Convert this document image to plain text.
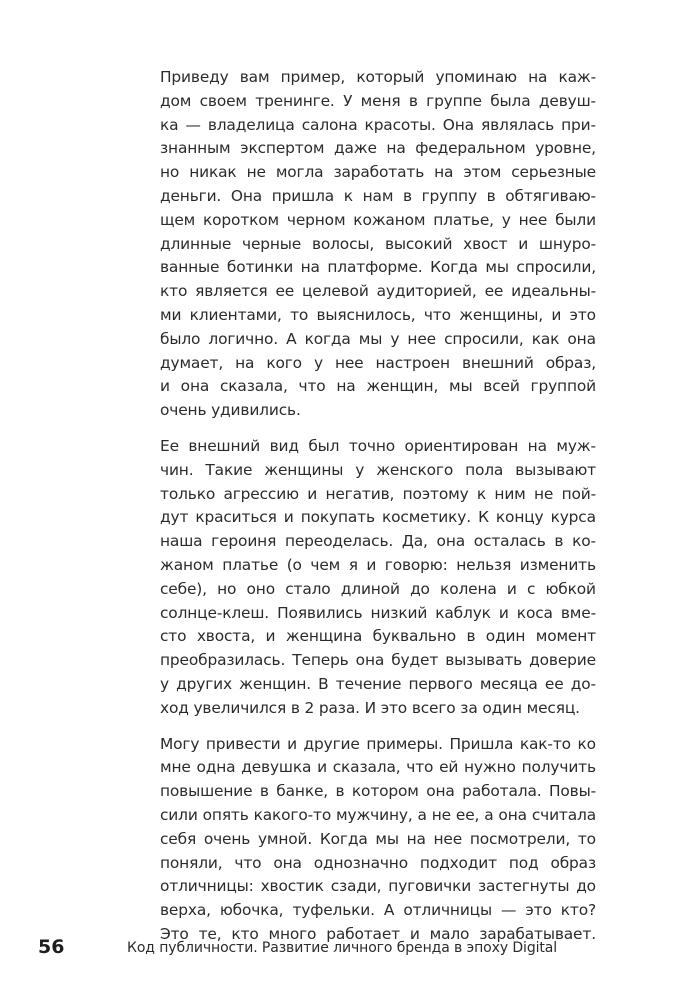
Приведу вам пример, который упоминаю на каж-
дом своем тренинге. У меня в группе была девуш-
ка — владелица салона красоты. Она являлась при-
знанным экспертом даже на федеральном уровне,
но никак не могла заработать на этом серьезные
деньги. Она пришла к нам в группу в обтягиваю-
щем коротком черном кожаном платье, у нее были
длинные черные волосы, высокий хвост и шнуро-
ванные ботинки на платформе. Когда мы спросили,
кто является ее целевой аудиторией, ее идеальны-
ми клиентами, то выяснилось, что женщины, и это
было логично. А когда мы у нее спросили, как она
думает, на кого у нее настроен внешний образ,
и она сказала, что на женщин, мы всей группой
очень удивились.
Ее внешний вид был точно ориентирован на муж-
чин. Такие женщины у женского пола вызывают
только агрессию и негатив, поэтому к ним не пой-
дут краситься и покупать косметику. К концу курса
наша героиня переоделась. Да, она осталась в ко-
жаном платье (о чем я и говорю: нельзя изменить
себе), но оно стало длиной до колена и с юбкой
солнце-клеш. Появились низкий каблук и коса вме-
сто хвоста, и женщина буквально в один момент
преобразилась. Теперь она будет вызывать доверие
у других женщин. В течение первого месяца ее до-
ход увеличился в 2 раза. И это всего за один месяц.
Могу привести и другие примеры. Пришла как-то ко
мне одна девушка и сказала, что ей нужно получить
повышение в банке, в котором она работала. Повы-
сили опять какого-то мужчину, а не ее, а она считала
себя очень умной. Когда мы на нее посмотрели, то
поняли, что она однозначно подходит под образ
отличницы: хвостик сзади, пуговички застегнуты до
верха, юбочка, туфельки. А отличницы — это кто?
Это те, кто много работает и мало зарабатывает.
56	Код публичности. Развитие личного бренда в эпоху Digital
